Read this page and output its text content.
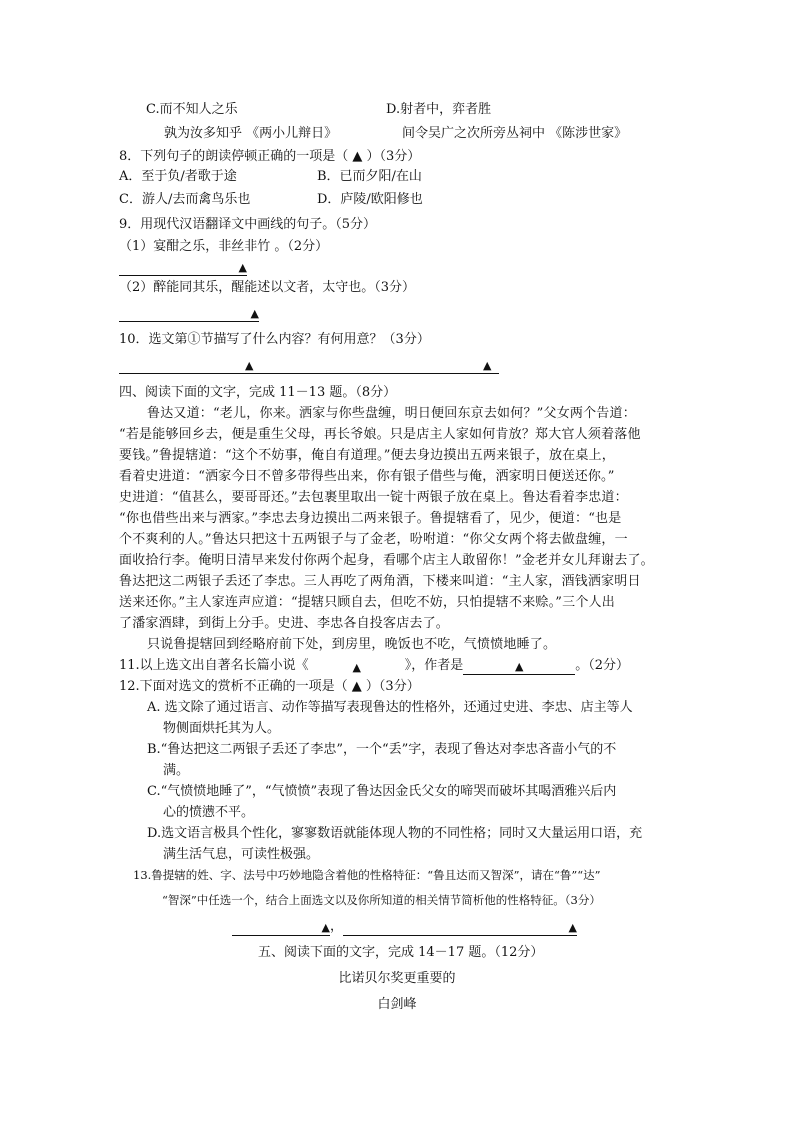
C.而不知人之乐	D.射者中，弈者胜
孰为汝多知乎 《两小儿辩日》	间令吴广之次所旁丛祠中 《陈涉世家》
8．下列句子的朗读停顿正确的一项是（ ▲ ）（3分）
A．至于负/者歌于途	B．已而夕阳/在山
C．游人/去而禽鸟乐也	D．庐陵/欧阳修也
9．用现代汉语翻译文中画线的句子。（5分）
（1）宴酣之乐，非丝非竹 。（2分）
▲
（2）醉能同其乐，醒能述以文者，太守也。（3分）
▲
10．选文第①节描写了什么内容？有何用意？（3分）
▲	▲
四、阅读下面的文字，完成 11－13 题。（8分）
鲁达又道：“老儿，你来。洒家与你些盘缠，明日便回东京去如何？”父女两个告道：
“若是能够回乡去，便是重生父母，再长爷娘。只是店主人家如何肯放？郑大官人须着落他
要钱。”鲁提辖道：“这个不妨事，俺自有道理。”便去身边摸出五两来银子，放在桌上，
看着史进道：“洒家今日不曾多带得些出来，你有银子借些与俺，洒家明日便送还你。”
史进道：“值甚么，要哥哥还。”去包裹里取出一锭十两银子放在桌上。鲁达看着李忠道：
“你也借些出来与洒家。”李忠去身边摸出二两来银子。鲁提辖看了，见少，便道：“也是
个不爽利的人。”鲁达只把这十五两银子与了金老，吩咐道：“你父女两个将去做盘缠，一
面收拾行李。俺明日清早来发付你两个起身，看哪个店主人敢留你！”金老并女儿拜谢去了。
鲁达把这二两银子丢还了李忠。三人再吃了两角酒，下楼来叫道：“主人家，酒钱洒家明日
送来还你。”主人家连声应道：“提辖只顾自去，但吃不妨，只怕提辖不来赊。”三个人出
了潘家酒肆，到街上分手。史进、李忠各自投客店去了。
只说鲁提辖回到经略府前下处，到房里，晚饭也不吃，气愤愤地睡了。
11.以上选文出自著名长篇小说《	▲	》，作者是	▲	。（2分）
12.下面对选文的赏析不正确的一项是（ ▲ ）（3分）
A. 选文除了通过语言、动作等描写表现鲁达的性格外，还通过史进、李忠、店主等人
物侧面烘托其为人。
B.“鲁达把这二两银子丢还了李忠”，一个“丢”字，表现了鲁达对李忠吝啬小气的不
满。
C.“气愤愤地睡了”，“气愤愤”表现了鲁达因金氏父女的啼哭而破坏其喝酒雅兴后内
心的愤懑不平。
D.选文语言极具个性化，寥寥数语就能体现人物的不同性格；同时又大量运用口语，充
满生活气息，可读性极强。
13.鲁提辖的姓、字、法号中巧妙地隐含着他的性格特征：“鲁且达而又智深”，请在“鲁”“达”
“智深”中任选一个，结合上面选文以及你所知道的相关情节简析他的性格特征。（3分）
▲，	▲
五、阅读下面的文字，完成 14－17 题。（12分）
比诺贝尔奖更重要的
白剑峰
